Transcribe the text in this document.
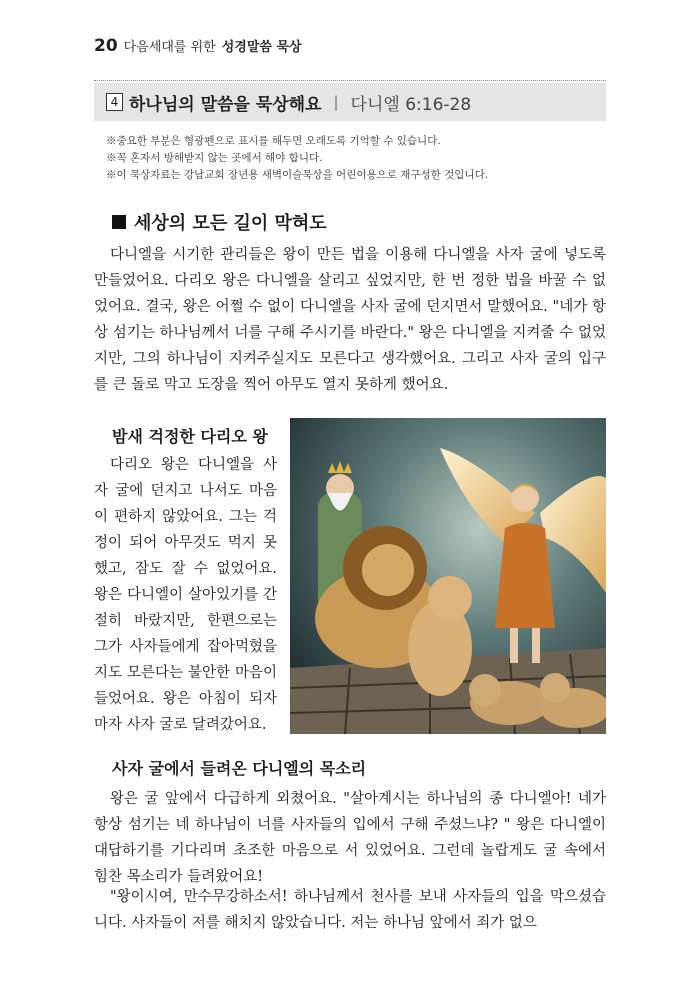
20 다음세대를 위한 성경말씀 묵상
4 하나님의 말씀을 묵상해요 | 다니엘 6:16-28
※중요한 부분은 형광펜으로 표시를 해두면 오래도록 기억할 수 있습니다.
※꼭 혼자서 방해받지 않는 곳에서 해야 합니다.
※이 묵상자료는 강남교회 장년용 새벽이슬묵상을 어린이용으로 재구성한 것입니다.
세상의 모든 길이 막혀도
다니엘을 시기한 관리들은 왕이 만든 법을 이용해 다니엘을 사자 굴에 넣도록 만들었어요. 다리오 왕은 다니엘을 살리고 싶었지만, 한 번 정한 법을 바꿀 수 없었어요. 결국, 왕은 어쩔 수 없이 다니엘을 사자 굴에 던지면서 말했어요. "네가 항상 섬기는 하나님께서 너를 구해 주시기를 바란다." 왕은 다니엘을 지켜줄 수 없었지만, 그의 하나님이 지켜주실지도 모른다고 생각했어요. 그리고 사자 굴의 입구를 큰 돌로 막고 도장을 찍어 아무도 열지 못하게 했어요.
밤새 걱정한 다리오 왕
다리오 왕은 다니엘을 사자 굴에 던지고 나서도 마음이 편하지 않았어요. 그는 걱정이 되어 아무것도 먹지 못했고, 잠도 잘 수 없었어요. 왕은 다니엘이 살아있기를 간절히 바랐지만, 한편으로는 그가 사자들에게 잡아먹혔을지도 모른다는 불안한 마음이 들었어요. 왕은 아침이 되자마자 사자 굴로 달려갔어요.
사자 굴에서 들려온 다니엘의 목소리
왕은 굴 앞에서 다급하게 외쳤어요. "살아계시는 하나님의 종 다니엘아! 네가 항상 섬기는 네 하나님이 너를 사자들의 입에서 구해 주셨느냐? " 왕은 다니엘이 대답하기를 기다리며 초조한 마음으로 서 있었어요. 그런데 놀랍게도 굴 속에서 힘찬 목소리가 들려왔어요!
"왕이시여, 만수무강하소서! 하나님께서 천사를 보내 사자들의 입을 막으셨습니다. 사자들이 저를 해치지 않았습니다. 저는 하나님 앞에서 죄가 없으
